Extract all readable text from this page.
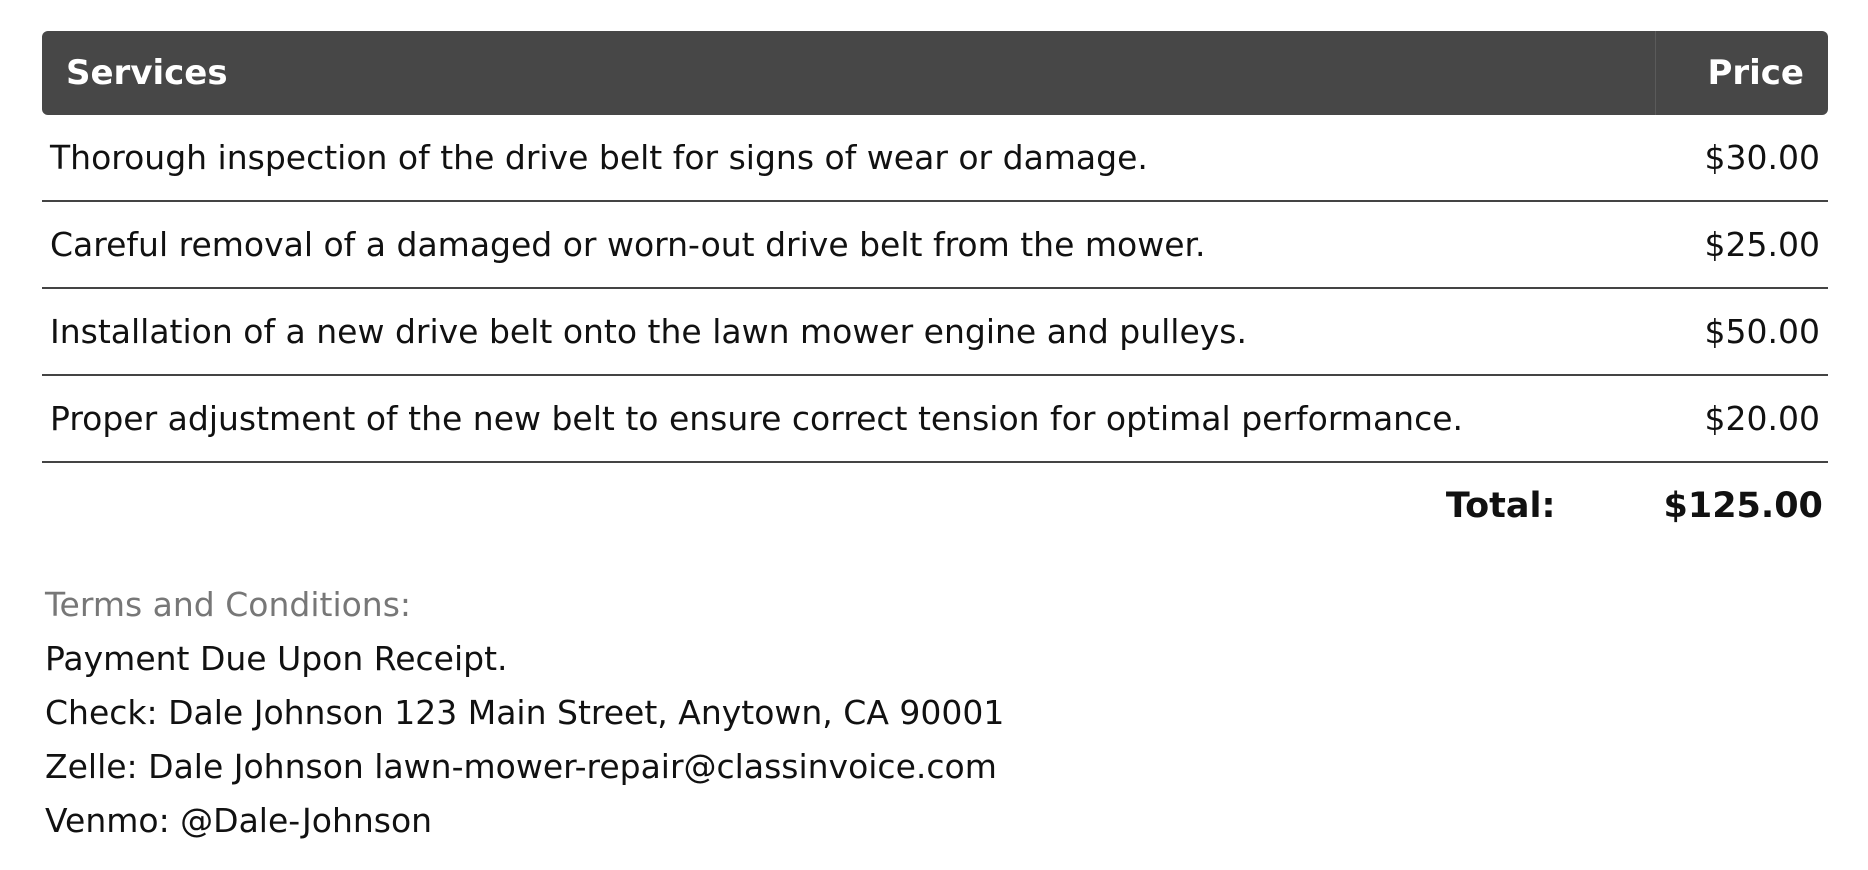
Services	Price
Thorough inspection of the drive belt for signs of wear or damage.	$30.00
Careful removal of a damaged or worn-out drive belt from the mower.	$25.00
Installation of a new drive belt onto the lawn mower engine and pulleys.	$50.00
Proper adjustment of the new belt to ensure correct tension for optimal performance.	$20.00
Total:	$125.00
Terms and Conditions:
Payment Due Upon Receipt.
Check: Dale Johnson 123 Main Street, Anytown, CA 90001
Zelle: Dale Johnson lawn-mower-repair@classinvoice.com
Venmo: @Dale-Johnson
